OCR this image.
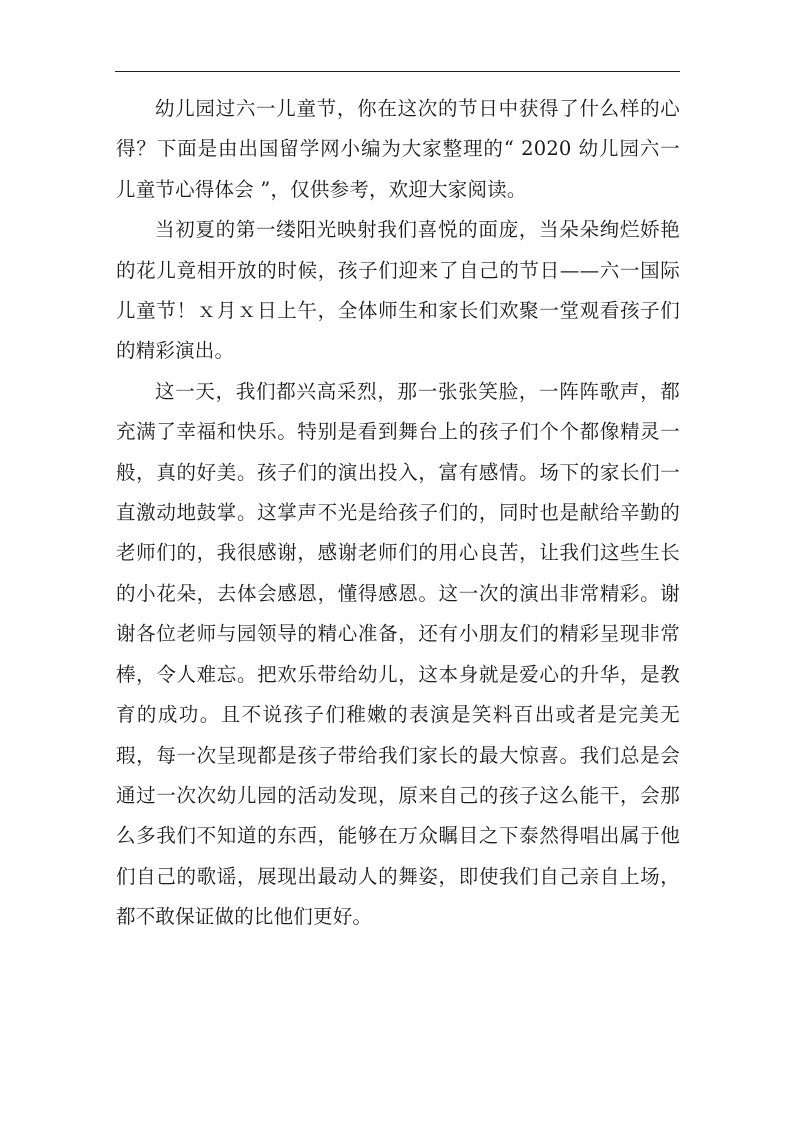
幼儿园过六一儿童节，你在这次的节日中获得了什么样的心得？下面是由出国留学网小编为大家整理的“ 2020 幼儿园六一儿童节心得体会 ”，仅供参考，欢迎大家阅读。

当初夏的第一缕阳光映射我们喜悦的面庞，当朵朵绚烂娇艳的花儿竟相开放的时候，孩子们迎来了自己的节日——六一国际儿童节！ｘ月ｘ日上午，全体师生和家长们欢聚一堂观看孩子们的精彩演出。

这一天，我们都兴高采烈，那一张张笑脸，一阵阵歌声，都充满了幸福和快乐。特别是看到舞台上的孩子们个个都像精灵一般，真的好美。孩子们的演出投入，富有感情。场下的家长们一直激动地鼓掌。这掌声不光是给孩子们的，同时也是献给辛勤的老师们的，我很感谢，感谢老师们的用心良苦，让我们这些生长的小花朵，去体会感恩，懂得感恩。这一次的演出非常精彩。谢谢各位老师与园领导的精心准备，还有小朋友们的精彩呈现非常棒，令人难忘。把欢乐带给幼儿，这本身就是爱心的升华，是教育的成功。且不说孩子们稚嫩的表演是笑料百出或者是完美无瑕，每一次呈现都是孩子带给我们家长的最大惊喜。我们总是会通过一次次幼儿园的活动发现，原来自己的孩子这么能干，会那么多我们不知道的东西，能够在万众瞩目之下泰然得唱出属于他们自己的歌谣，展现出最动人的舞姿，即使我们自己亲自上场，都不敢保证做的比他们更好。
